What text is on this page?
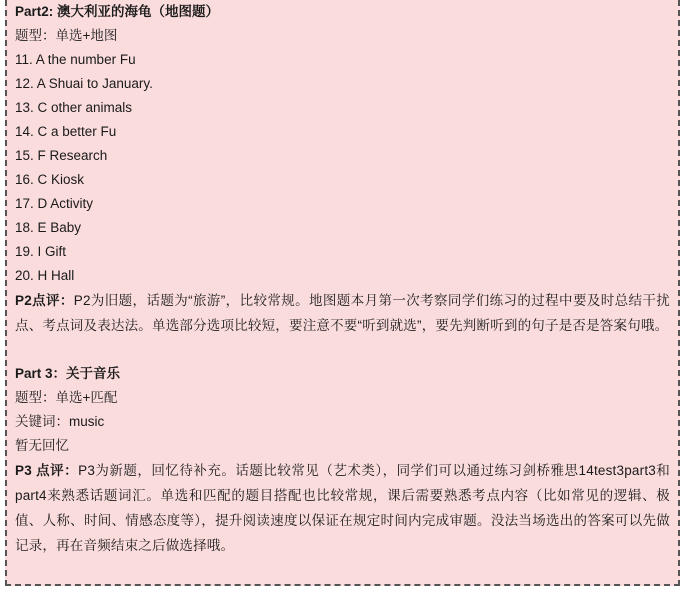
Part2: 澳大利亚的海龟（地图题）
题型：单选+地图
11. A the number Fu
12. A Shuai to January.
13. C other animals
14. C a better Fu
15. F Research
16. C Kiosk
17. D Activity
18. E Baby
19. I Gift
20. H Hall
P2点评：P2为旧题，话题为“旅游”，比较常规。地图题本月第一次考察同学们练习的过程中要及时总结干扰点、考点词及表达法。单选部分选项比较短，要注意不要“听到就选”，要先判断听到的句子是否是答案句哦。
Part 3：关于音乐
题型：单选+匹配
关键词：music
暂无回忆
P3 点评：P3为新题，回忆待补充。话题比较常见（艺术类），同学们可以通过练习剑桥雅思14test3part3和part4来熟悉话题词汇。单选和匹配的题目搭配也比较常规，课后需要熟悉考点内容（比如常见的逻辑、极值、人称、时间、情感态度等），提升阅读速度以保证在规定时间内完成审题。没法当场选出的答案可以先做记录，再在音频结束之后做选择哦。
